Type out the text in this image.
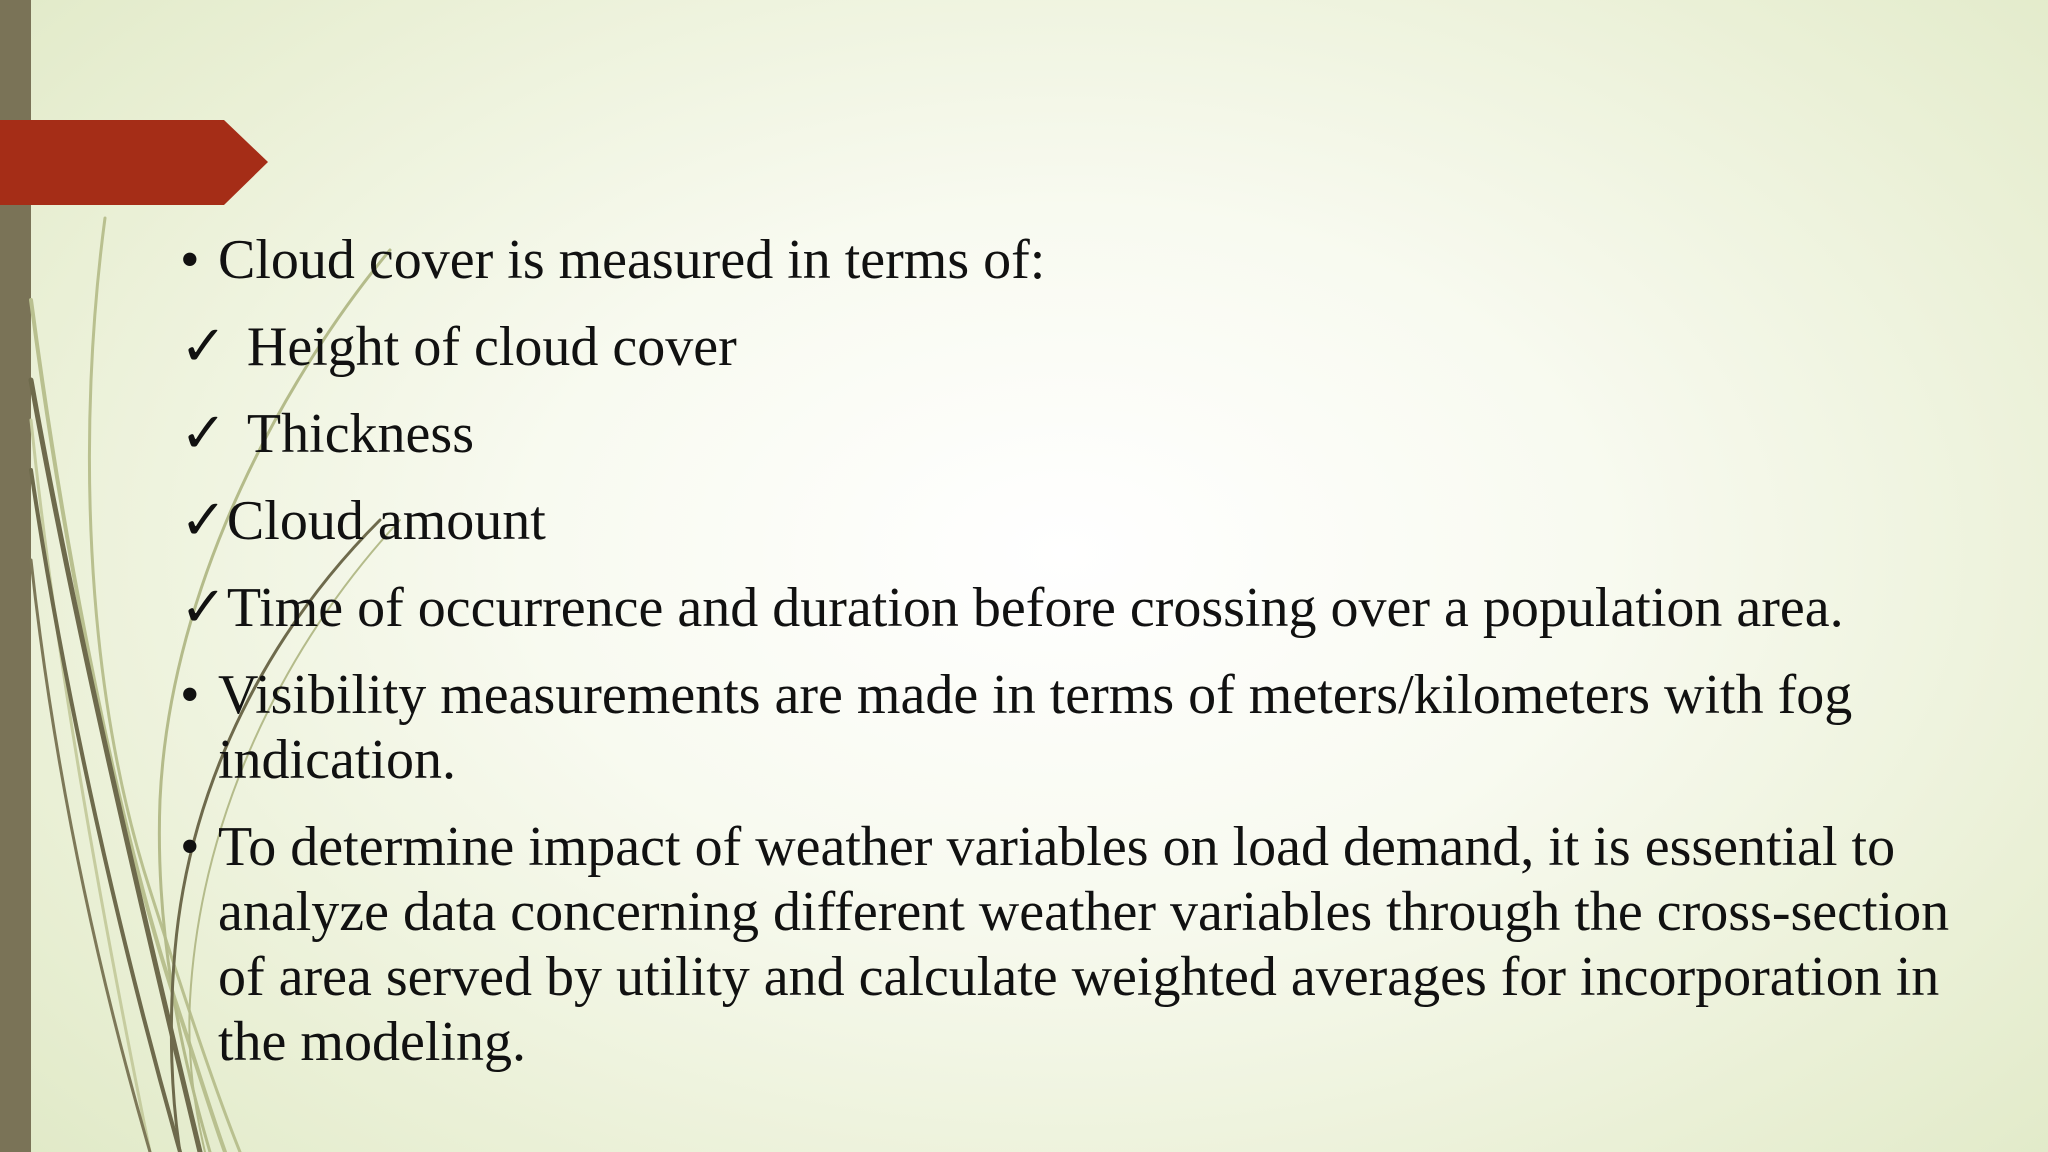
• Cloud cover is measured in terms of:
✓ Height of cloud cover
✓ Thickness
✓Cloud amount
✓Time of occurrence and duration before crossing over a population area.
• Visibility measurements are made in terms of meters/kilometers with fog indication.
• To determine impact of weather variables on load demand, it is essential to analyze data concerning different weather variables through the cross-section of area served by utility and calculate weighted averages for incorporation in the modeling.
